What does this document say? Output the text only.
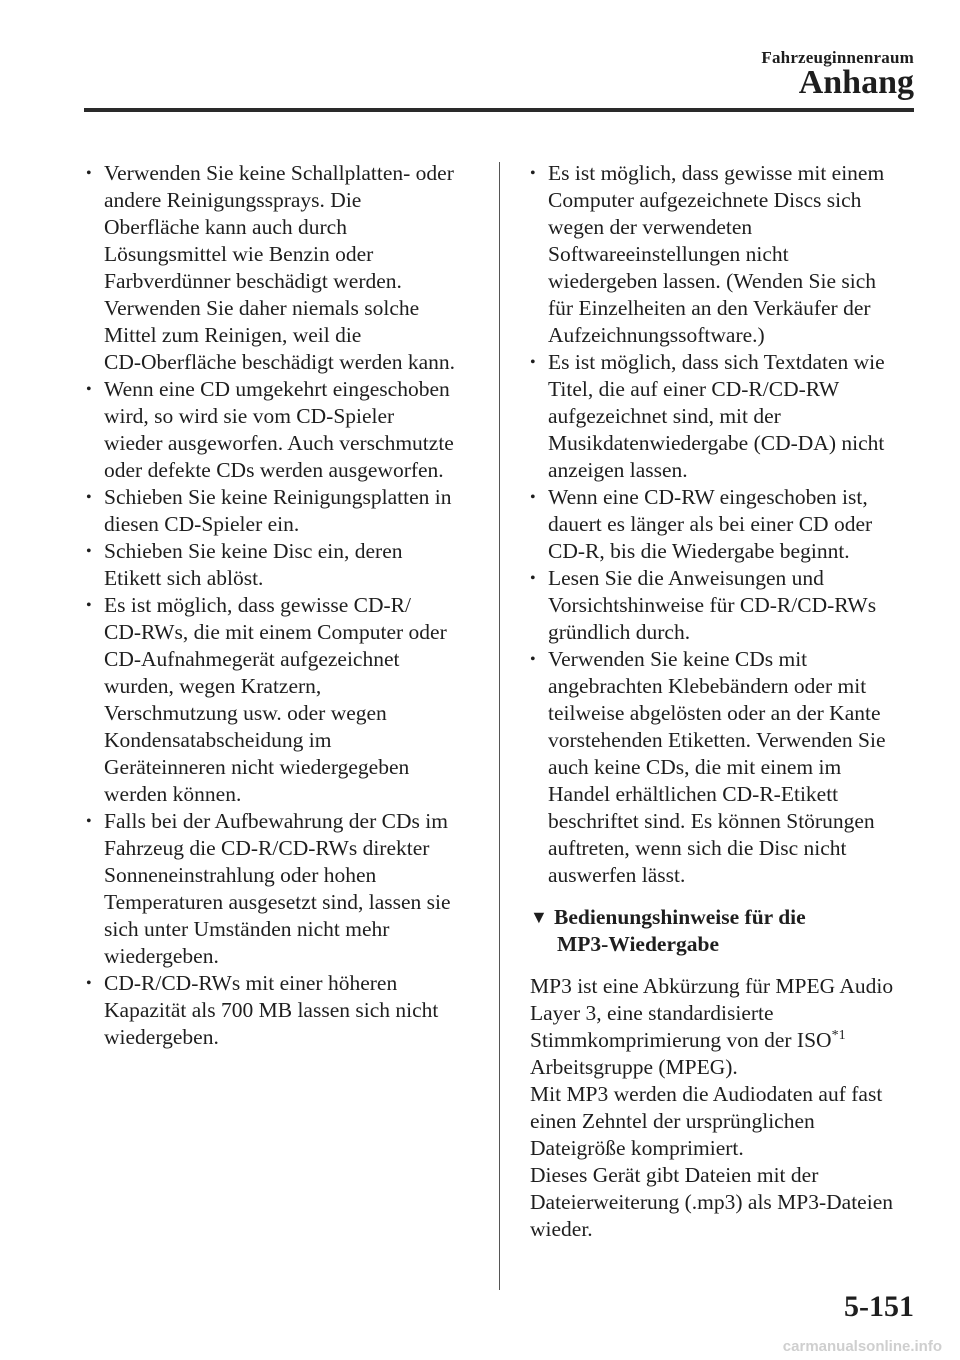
Fahrzeuginnenraum
Anhang
• Verwenden Sie keine Schallplatten- oder
andere Reinigungssprays. Die
Oberfläche kann auch durch
Lösungsmittel wie Benzin oder
Farbverdünner beschädigt werden.
Verwenden Sie daher niemals solche
Mittel zum Reinigen, weil die
CD-Oberfläche beschädigt werden kann.
• Wenn eine CD umgekehrt eingeschoben
wird, so wird sie vom CD-Spieler
wieder ausgeworfen. Auch verschmutzte
oder defekte CDs werden ausgeworfen.
• Schieben Sie keine Reinigungsplatten in
diesen CD-Spieler ein.
• Schieben Sie keine Disc ein, deren
Etikett sich ablöst.
• Es ist möglich, dass gewisse CD-R/
CD-RWs, die mit einem Computer oder
CD-Aufnahmegerät aufgezeichnet
wurden, wegen Kratzern,
Verschmutzung usw. oder wegen
Kondensatabscheidung im
Geräteinneren nicht wiedergegeben
werden können.
• Falls bei der Aufbewahrung der CDs im
Fahrzeug die CD-R/CD-RWs direkter
Sonneneinstrahlung oder hohen
Temperaturen ausgesetzt sind, lassen sie
sich unter Umständen nicht mehr
wiedergeben.
• CD-R/CD-RWs mit einer höheren
Kapazität als 700 MB lassen sich nicht
wiedergeben.
• Es ist möglich, dass gewisse mit einem
Computer aufgezeichnete Discs sich
wegen der verwendeten
Softwareeinstellungen nicht
wiedergeben lassen. (Wenden Sie sich
für Einzelheiten an den Verkäufer der
Aufzeichnungssoftware.)
• Es ist möglich, dass sich Textdaten wie
Titel, die auf einer CD-R/CD-RW
aufgezeichnet sind, mit der
Musikdatenwiedergabe (CD-DA) nicht
anzeigen lassen.
• Wenn eine CD-RW eingeschoben ist,
dauert es länger als bei einer CD oder
CD-R, bis die Wiedergabe beginnt.
• Lesen Sie die Anweisungen und
Vorsichtshinweise für CD-R/CD-RWs
gründlich durch.
• Verwenden Sie keine CDs mit
angebrachten Klebebändern oder mit
teilweise abgelösten oder an der Kante
vorstehenden Etiketten. Verwenden Sie
auch keine CDs, die mit einem im
Handel erhältlichen CD-R-Etikett
beschriftet sind. Es können Störungen
auftreten, wenn sich die Disc nicht
auswerfen lässt.
▼ Bedienungshinweise für die
MP3-Wiedergabe

MP3 ist eine Abkürzung für MPEG Audio

Layer 3, eine standardisierte

Stimmkomprimierung von der ISO$^{*1}$

Arbeitsgruppe (MPEG).

Mit MP3 werden die Audiodaten auf fast

einen Zehntel der ursprünglichen

Dateigröße komprimiert.

Dieses Gerät gibt Dateien mit der

Dateierweiterung (.mp3) als MP3-Dateien

wieder.

5-151
carmanualsonline.info
